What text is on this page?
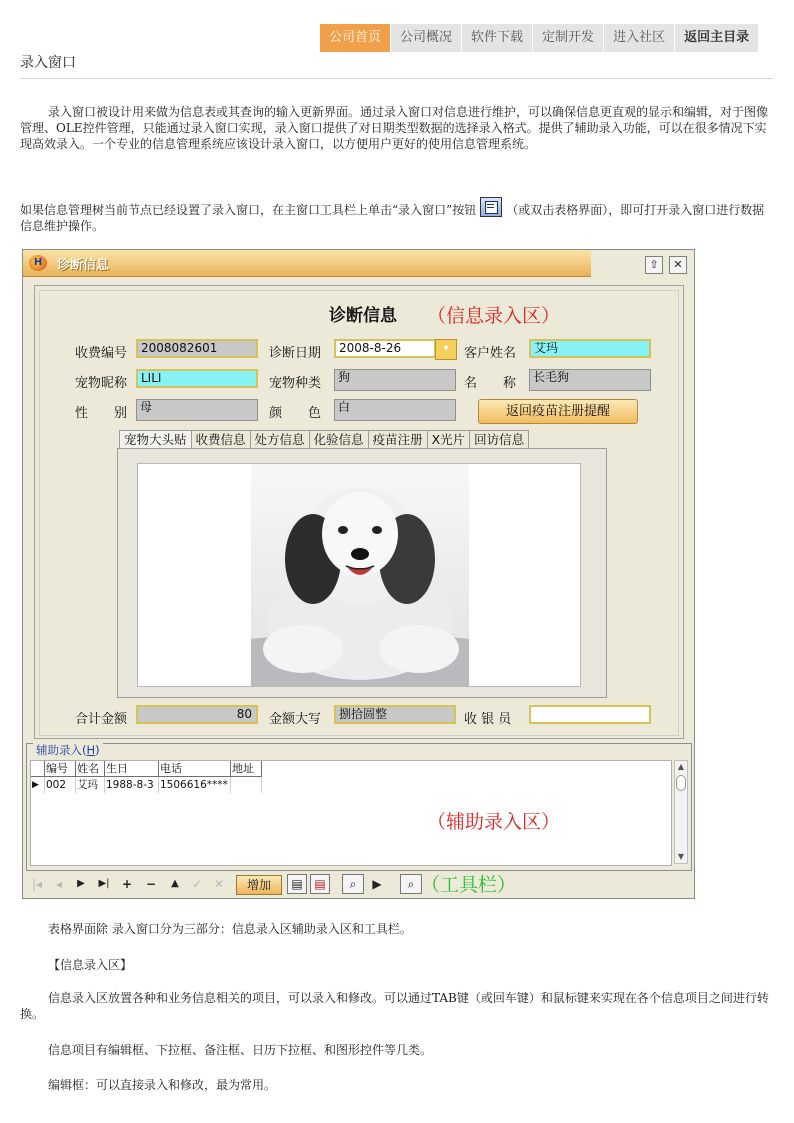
公司首页	公司概况	软件下载	定制开发	进入社区	返回主目录
录入窗口
录入窗口被设计用来做为信息表或其查询的输入更新界面。通过录入窗口对信息进行维护，可以确保信息更直观的显示和编辑，对于图像管理、OLE控件管理，只能通过录入窗口实现，录入窗口提供了对日期类型数据的选择录入格式。提供了辅助录入功能，可以在很多情况下实现高效录入。一个专业的信息管理系统应该设计录入窗口，以方便用户更好的使用信息管理系统。
如果信息管理树当前节点已经设置了录入窗口，在主窗口工具栏上单击“录入窗口”按钮	（或双击表格界面），即可打开录入窗口进行数据信息维护操作。
H	诊断信息	⇧	✕
诊断信息 （信息录入区）
收费编号	2008082601	诊断日期	2008-8-26	▾	客户姓名	艾玛
宠物昵称	LILI	宠物种类	狗	名　　称	长毛狗
性　　别	母	颜　　色	白	返回疫苗注册提醒
宠物大头贴 收费信息 处方信息 化验信息 疫苗注册 X光片 回访信息
合计金额	80	金额大写	捌拾圆整	收 银 员
辅助录入(H)
编号 姓名 生日	电话	地址
▶ 002	艾玛 1988-8-3 1506616****
▲
▼
（辅助录入区）
|◂	◂	▶	▶| + −	▲ ✓ ✕	增加	▤ ▤	⌕	▶	⌕ （工具栏）
表格界面除 录入窗口分为三部分：信息录入区辅助录入区和工具栏。
【信息录入区】
信息录入区放置各种和业务信息相关的项目，可以录入和修改。可以通过TAB键（或回车键）和鼠标键来实现在各个信息项目之间进行转换。
信息项目有编辑框、下拉框、备注框、日历下拉框、和图形控件等几类。
编辑框：可以直接录入和修改，最为常用。
